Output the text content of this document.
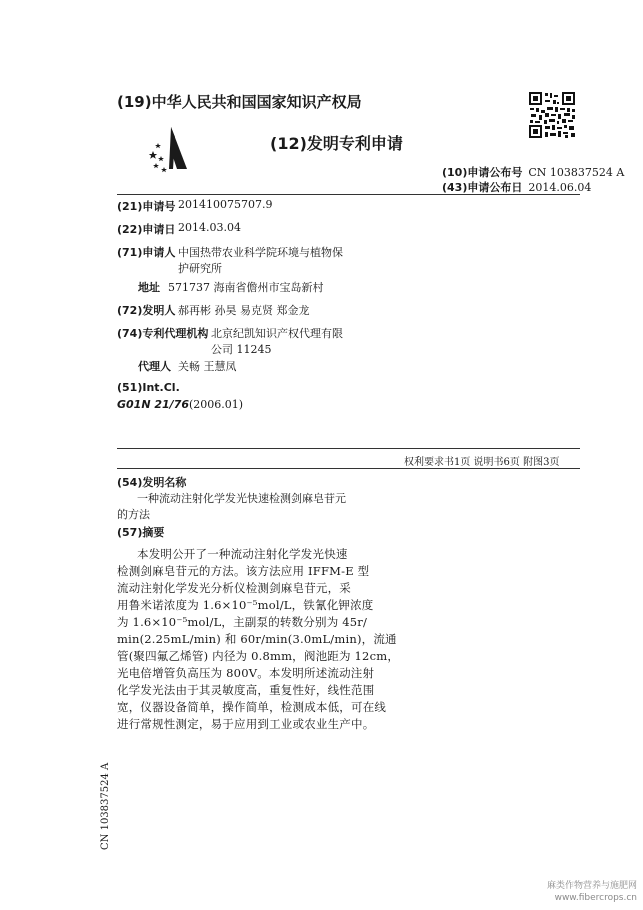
(19)中华人民共和国国家知识产权局
(12)发明专利申请
(10)申请公布号 CN 103837524 A
(43)申请公布日 2014.06.04
(21)申请号 201410075707.9
(22)申请日 2014.03.04
(71)申请人 中国热带农业科学院环境与植物保
护研究所
地址 571737 海南省儋州市宝岛新村
(72)发明人 郝再彬 孙昊 易克贤 郑金龙
(74)专利代理机构 北京纪凯知识产权代理有限
公司 11245
代理人 关畅 王慧凤
(51)Int.Cl.
G01N 21/76(2006.01)
权利要求书1页 说明书6页 附图3页
(54)发明名称
一种流动注射化学发光快速检测剑麻皂苷元
的方法
(57)摘要
本发明公开了一种流动注射化学发光快速
检测剑麻皂苷元的方法。该方法应用 IFFM-E 型
流动注射化学发光分析仪检测剑麻皂苷元，采
用鲁米诺浓度为 1.6×10⁻⁵mol/L，铁氰化钾浓度
为 1.6×10⁻⁵mol/L，主副泵的转数分别为 45r/
min(2.25mL/min) 和 60r/min(3.0mL/min)，流通
管(聚四氟乙烯管) 内径为 0.8mm，阀池距为 12cm，
光电倍增管负高压为 800V。本发明所述流动注射
化学发光法由于其灵敏度高，重复性好，线性范围
宽，仪器设备简单，操作简单，检测成本低，可在线
进行常规性测定，易于应用到工业或农业生产中。
CN 103837524 A
麻类作物营养与施肥网
www.fibercrops.cn
